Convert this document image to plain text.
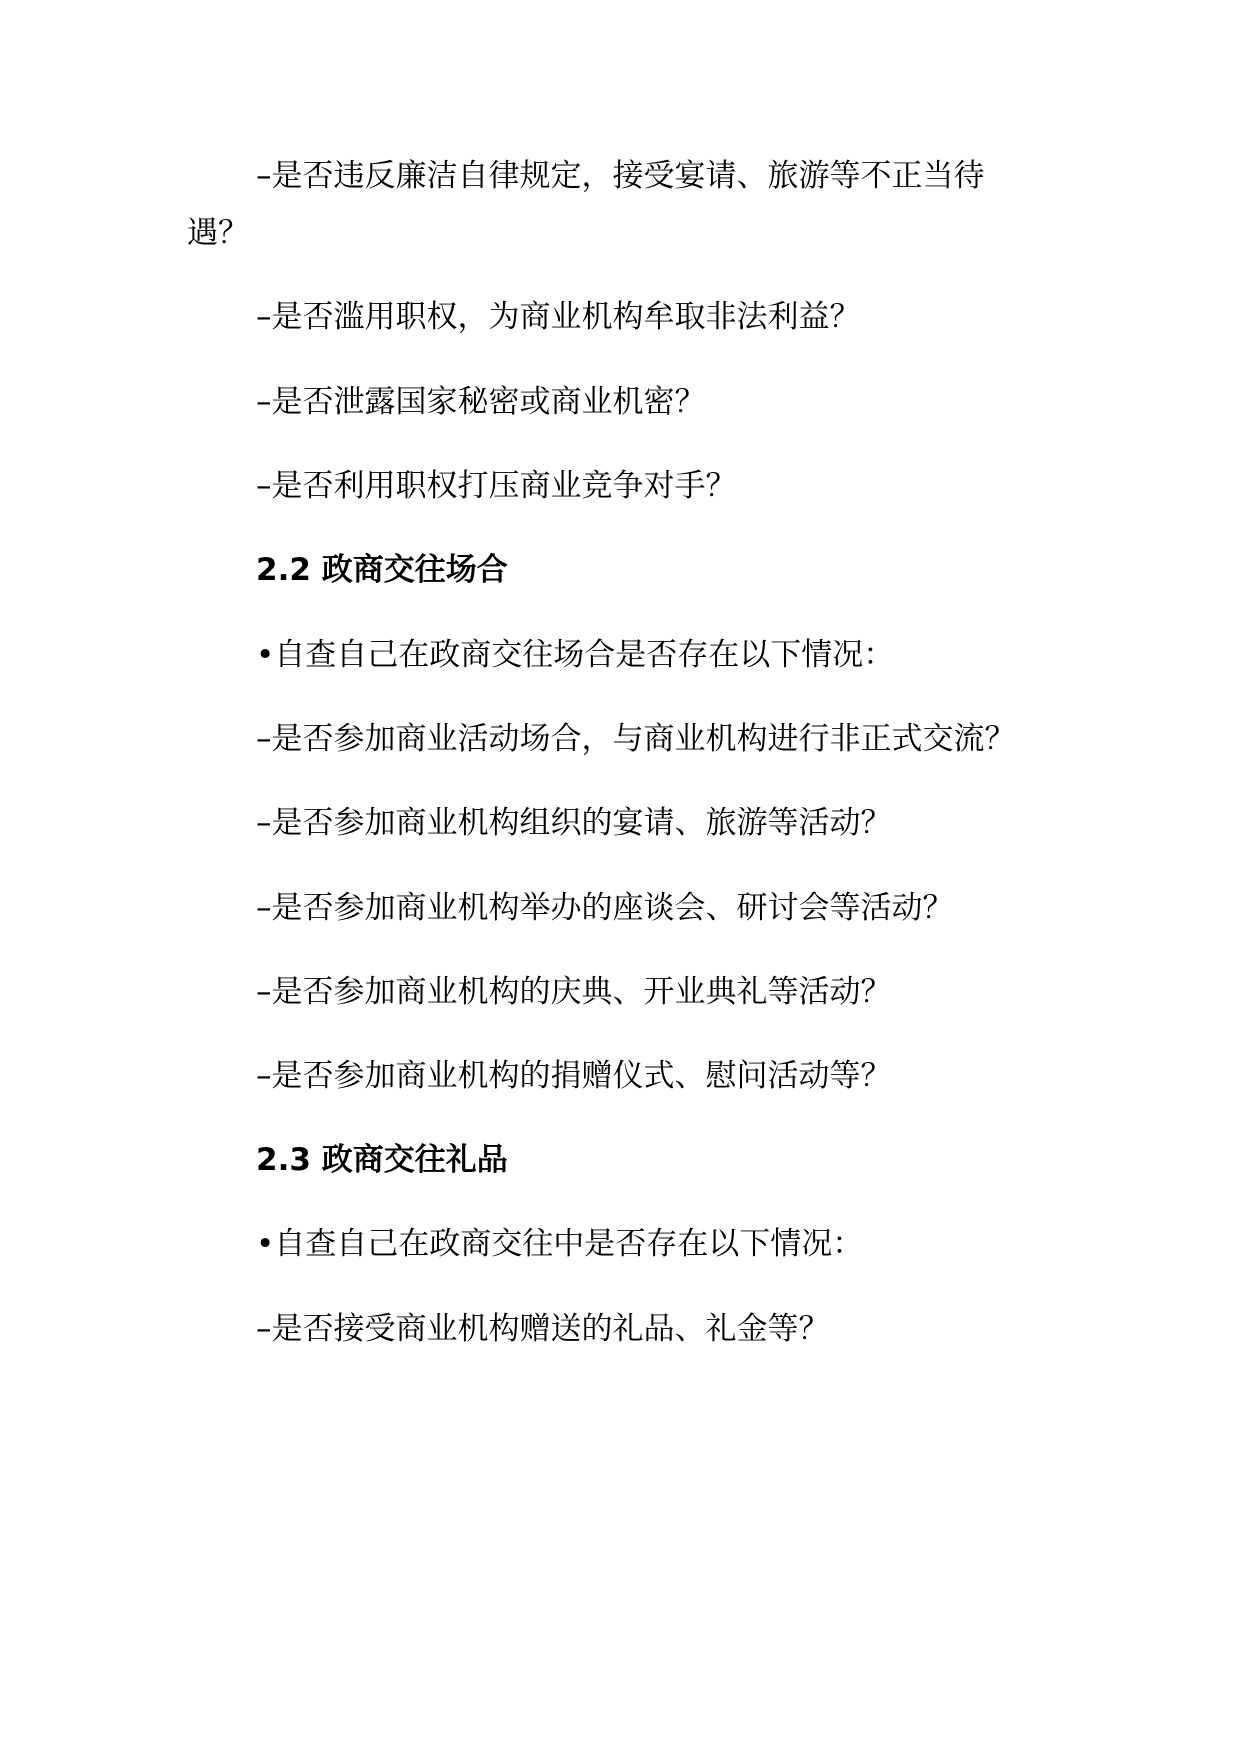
–是否违反廉洁自律规定，接受宴请、旅游等不正当待
遇？
–是否滥用职权，为商业机构牟取非法利益？
–是否泄露国家秘密或商业机密？
–是否利用职权打压商业竞争对手？
2.2 政商交往场合
•自查自己在政商交往场合是否存在以下情况：
–是否参加商业活动场合，与商业机构进行非正式交流？
–是否参加商业机构组织的宴请、旅游等活动？
–是否参加商业机构举办的座谈会、研讨会等活动？
–是否参加商业机构的庆典、开业典礼等活动？
–是否参加商业机构的捐赠仪式、慰问活动等？
2.3 政商交往礼品
•自查自己在政商交往中是否存在以下情况：
–是否接受商业机构赠送的礼品、礼金等？
